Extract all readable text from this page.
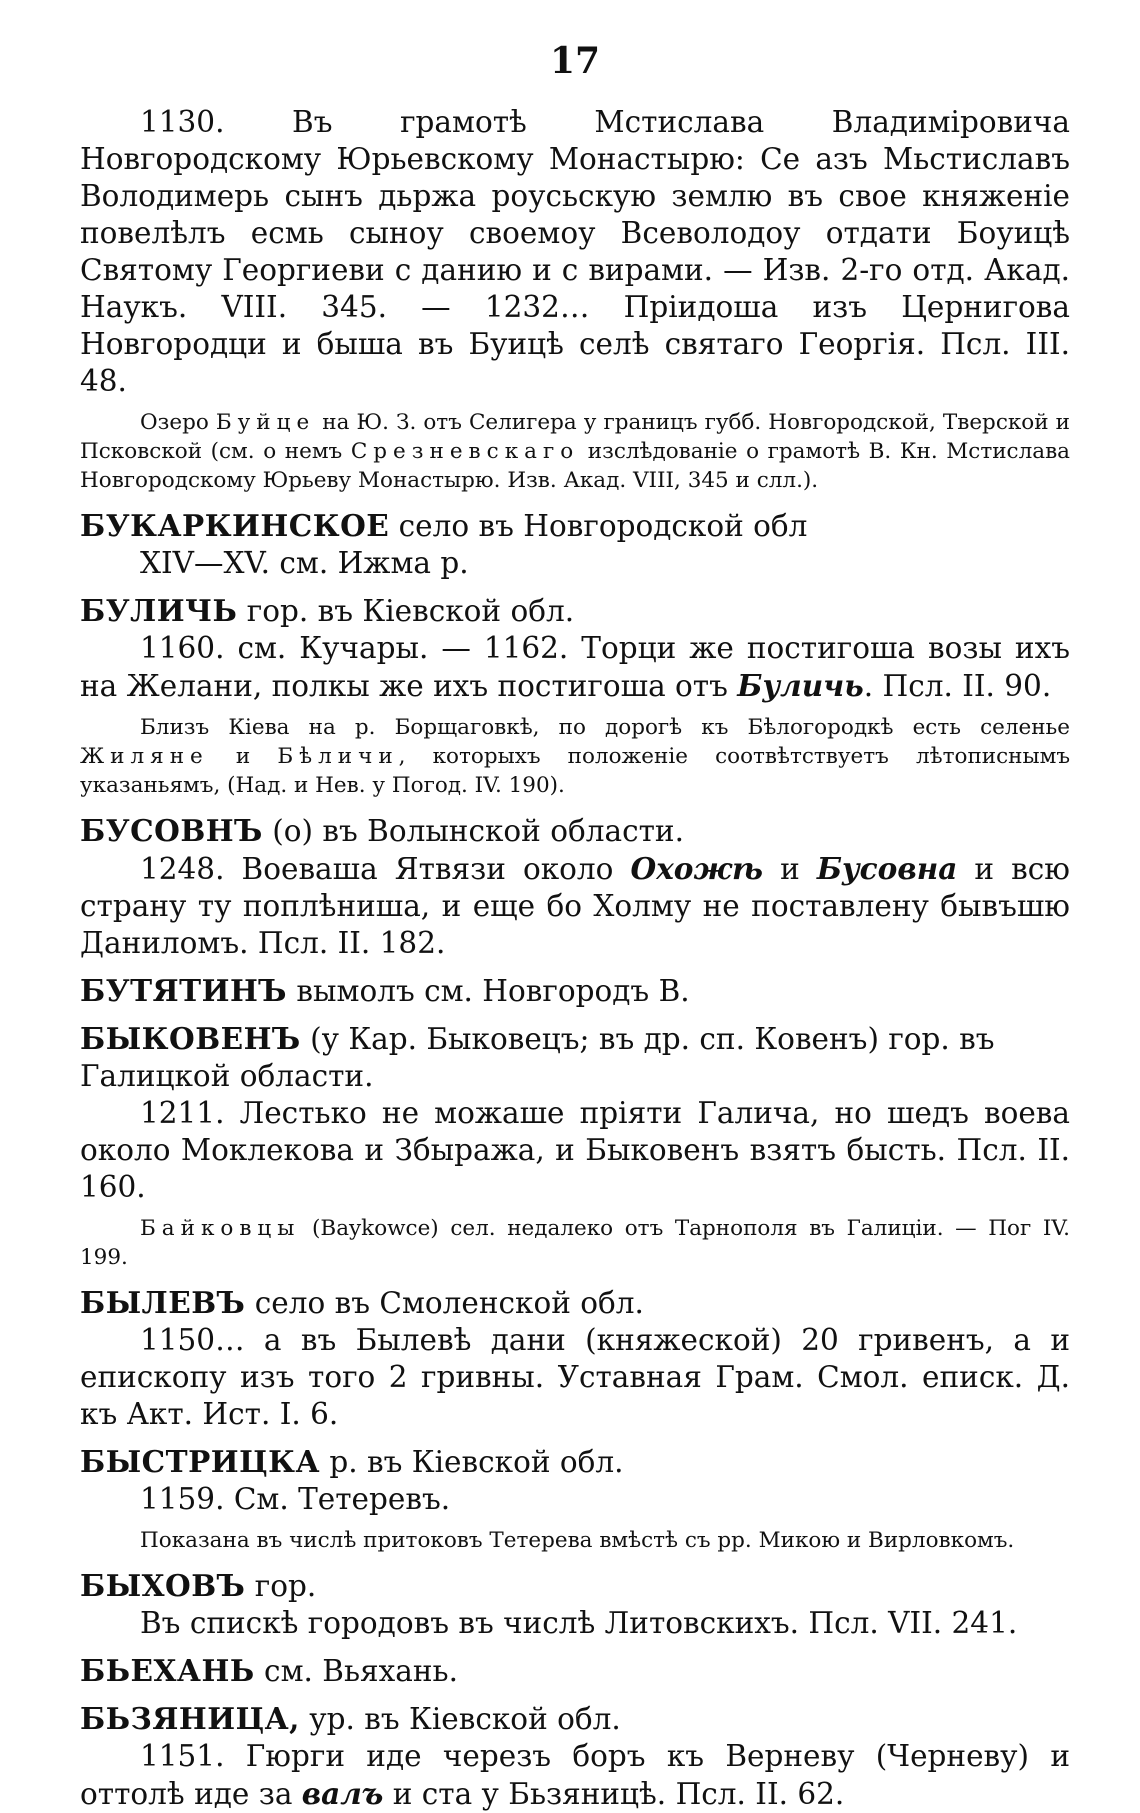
17

1130. Въ грамотѣ Мстислава Владиміровича Новгородскому Юрьевскому Монастырю: Се азъ Мьстиславъ Володимерь сынъ дьржа роусьскую землю въ свое княженіе повелѣлъ есмь сыноу своемоу Всеволодоу отдати Боуицѣ Святому Георгиеви с данию и с вирами. — Изв. 2-го отд. Акад. Наукъ. VIII. 345. — 1232… Пріидоша изъ Цернигова Новгородци и быша въ Буицѣ селѣ святаго Георгія. Псл. III. 48.

Озеро Буйце на Ю. З. отъ Селигера у границъ губб. Новгородской, Тверской и Псковской (см. о немъ Срезневскаго изслѣдованіе о грамотѣ В. Кн. Мстислава Новгородскому Юрьеву Монастырю. Изв. Акад. VIII, 345 и слл.).

БУКАРКИНСКОЕ село въ Новгородской обл

XIV—XV. см. Ижма р.

БУЛИЧЬ гор. въ Кіевской обл.

1160. см. Кучары. — 1162. Торци же постигоша возы ихъ на Желани, полкы же ихъ постигоша отъ Буличь. Псл. II. 90.

Близъ Кіева на р. Борщаговкѣ, по дорогѣ къ Бѣлогородкѣ есть селенье Жиляне и Бѣличи, которыхъ положеніе соотвѣтствуетъ лѣтописнымъ указаньямъ, (Над. и Нев. у Погод. IV. 190).

БУСОВНЪ (о) въ Волынской области.

1248. Воеваша Ятвязи около Охожѣ и Бусовна и всю страну ту поплѣниша, и еще бо Холму не поставлену бывъшю Даниломъ. Псл. II. 182.

БУТЯТИНЪ вымолъ см. Новгородъ В.

БЫКОВЕНЪ (у Кар. Быковецъ; въ др. сп. Ковенъ) гор. въ Галицкой области.

1211. Лестько не можаше пріяти Галича, но шедъ воева около Моклекова и Збыража, и Быковенъ взятъ бысть. Псл. II. 160.

Байковцы (Baykowce) сел. недалеко отъ Тарнополя въ Галиціи. — Пог IV. 199.

БЫЛЕВЪ село въ Смоленской обл.

1150… а въ Былевѣ дани (княжеской) 20 гривенъ, а и епископу изъ того 2 гривны. Уставная Грам. Смол. еписк. Д. къ Акт. Ист. I. 6.

БЫСТРИЦКА р. въ Кіевской обл.

1159. См. Тетеревъ.

Показана въ числѣ притоковъ Тетерева вмѣстѣ съ рр. Микою и Вирловкомъ.

БЫХОВЪ гор.

Въ спискѣ городовъ въ числѣ Литовскихъ. Псл. VII. 241.

БЬЕХАНЬ см. Вьяхань.

БЬЗЯНИЦА, ур. въ Кіевской обл.

1151. Гюрги иде черезъ боръ къ Верневу (Черневу) и оттолѣ иде за валъ и ста у Бьзяницѣ. Псл. II. 62.
